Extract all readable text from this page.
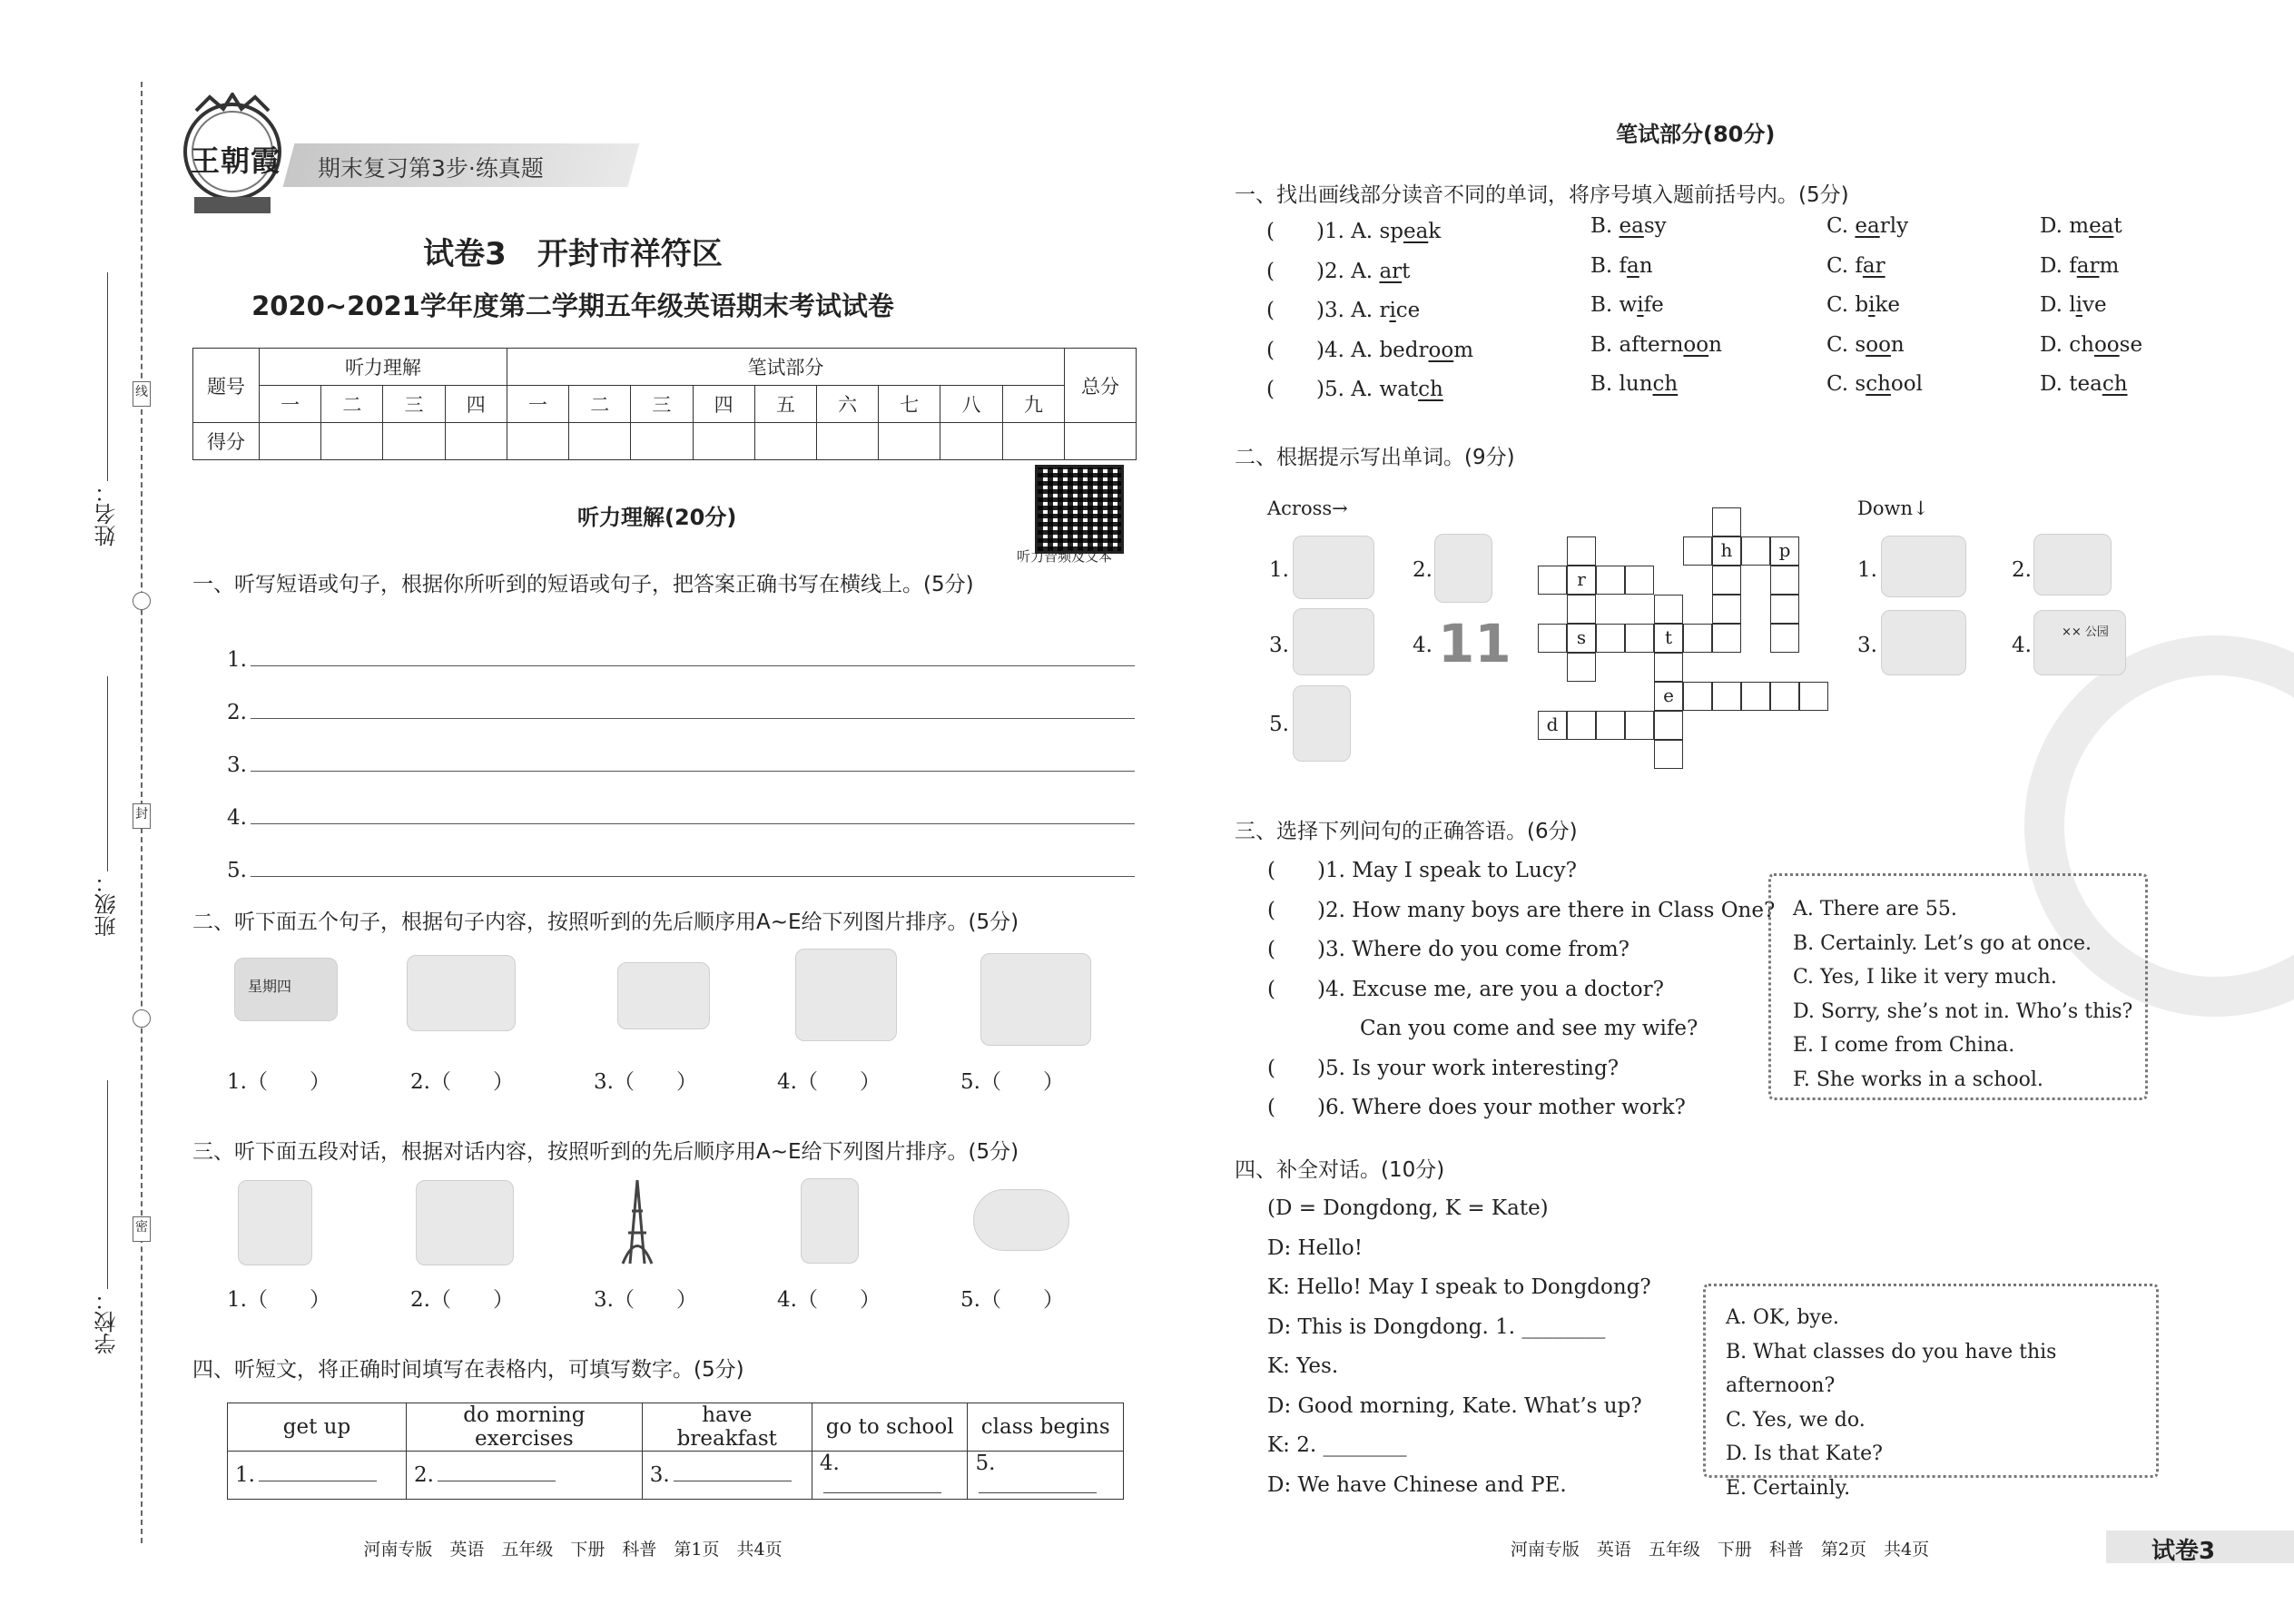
姓名：
班级：
学校：
线
封
密
王朝霞 期末复习第3步·练真题
试卷3　 开封市祥符区
2020~2021学年度第二学期五年级英语期末考试试卷
题号	听力理解				笔试部分									总分
	一	二	三	四	一	二	三	四	五	六	七	八	九	
得分														
听力音频及文本
听力理解(20分)
一、听写短语或句子，根据你所听到的短语或句子，把答案正确书写在横线上。(5分)
1.
2.
3.
4.
5.
二、听下面五个句子，根据句子内容，按照听到的先后顺序用A~E给下列图片排序。(5分)
星期四
1.（　　）	2.（　　）	3.（　　）	4.（　　）	5.（　　）
三、听下面五段对话，根据对话内容，按照听到的先后顺序用A~E给下列图片排序。(5分)
1.（　　）	2.（　　）	3.（　　）	4.（　　）	5.（　　）
四、听短文，将正确时间填写在表格内，可填写数字。(5分)
get up	do morning exercises	have breakfast	go to school	class begins
1.	2.	3.	4.	5.
河南专版　英语　五年级　下册　科普　第1页　共4页
笔试部分(80分)
一、找出画线部分读音不同的单词，将序号填入题前括号内。(5分)
(　　)1. A. speak	B. easy	C. early	D. meat
(　　)2. A. art	B. fan	C. far	D. farm
(　　)3. A. rice	B. wife	C. bike	D. live
(　　)4. A. bedroom	B. afternoon	C. soon	D. choose
(　　)5. A. watch	B. lunch	C. school	D. teach
二、根据提示写出单词。(9分)
Across→	Down↓
1.	2.
3.	4. 11
5.
r
s	t
e
d
h	p
1.	2.
3.	4.
×× 公园
三、选择下列问句的正确答语。(6分)
(　　)1. May I speak to Lucy?
(　　)2. How many boys are there in Class One?
(　　)3. Where do you come from?
(　　)4. Excuse me, are you a doctor?
Can you come and see my wife?
(　　)5. Is your work interesting?
(　　)6. Where does your mother work?
A. There are 55.
B. Certainly. Let’s go at once.
C. Yes, I like it very much.
D. Sorry, she’s not in. Who’s this?
E. I come from China.
F. She works in a school.
四、补全对话。(10分)
(D = Dongdong, K = Kate)
D: Hello!
K: Hello! May I speak to Dongdong?
D: This is Dongdong. 1. ________
K: Yes.
D: Good morning, Kate. What’s up?
K: 2. ________
D: We have Chinese and PE.
A. OK, bye.
B. What classes do you have this afternoon?
C. Yes, we do.
D. Is that Kate?
E. Certainly.
河南专版　英语　五年级　下册　科普　第2页　共4页	试卷3
